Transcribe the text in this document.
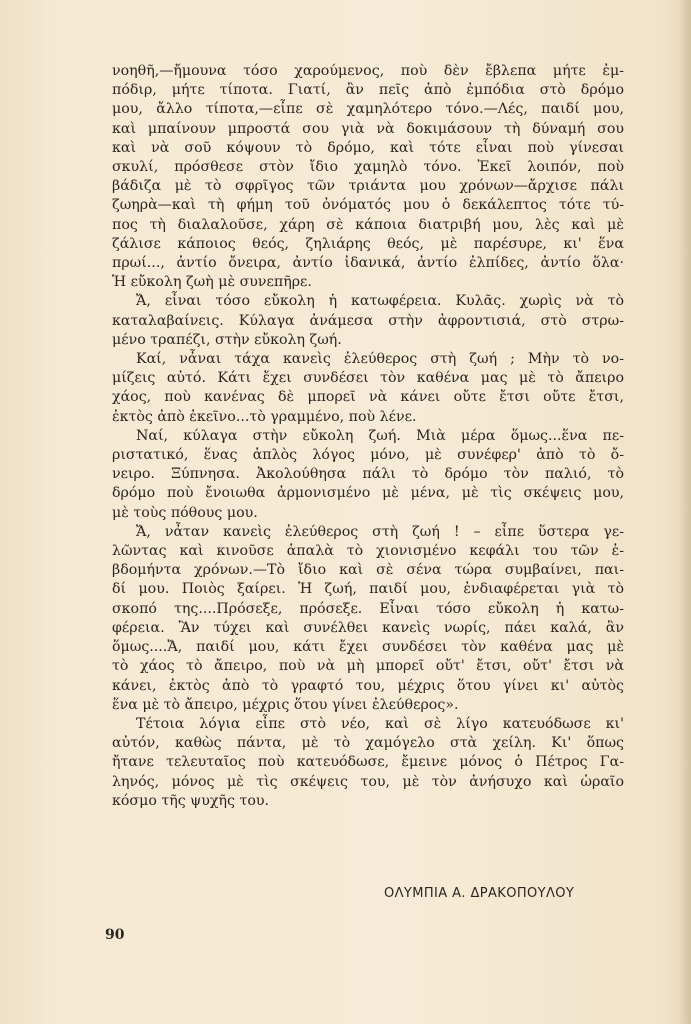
νοηθῆ,—ἤμουνα τόσο χαρούμενος, ποὺ δὲν ἔβλεπα μήτε ἐμ-
πόδιρ, μήτε τίποτα. Γιατί, ἂν πεῖς ἀπὸ ἐμπόδια στὸ δρόμο
μου, ἄλλο τίποτα,—εἶπε σὲ χαμηλότερο τόνο.—Λές, παιδί μου,
καὶ μπαίνουν μπροστά σου γιὰ νὰ δοκιμάσουν τὴ δύναμή σου
καὶ νὰ σοῦ κόψουν τὸ δρόμο, καὶ τότε εἶναι ποὺ γίνεσαι
σκυλί, πρόσθεσε στὸν ἴδιο χαμηλὸ τόνο. Ἐκεῖ λοιπόν, ποὺ
βάδιζα μὲ τὸ σφρῖγος τῶν τριάντα μου χρόνων—ἄρχισε πάλι
ζωηρὰ—καὶ τὴ φήμη τοῦ ὀνόματός μου ὁ δεκάλεπτος τότε τύ-
πος τὴ διαλαλοῦσε, χάρη σὲ κάποια διατριβή μου, λὲς καὶ μὲ
ζάλισε κάποιος θεός, ζηλιάρης θεός, μὲ παρέσυρε, κι' ἕνα
πρωί..., ἀντίο ὄνειρα, ἀντίο ἰδανικά, ἀντίο ἐλπίδες, ἀντίο ὅλα·
Ἡ εὔκολη ζωὴ μὲ συνεπῆρε.

Ἄ, εἶναι τόσο εὔκολη ἡ κατωφέρεια. Κυλᾶς. χωρὶς νὰ τὸ
καταλαβαίνεις. Κύλαγα ἀνάμεσα στὴν ἀφροντισιά, στὸ στρω-
μένο τραπέζι, στὴν εὔκολη ζωή.

Καί, νἆναι τάχα κανεὶς ἐλεύθερος στὴ ζωή ; Μὴν τὸ νο-
μίζεις αὐτό. Κάτι ἔχει συνδέσει τὸν καθένα μας μὲ τὸ ἄπειρο
χάος, ποὺ κανένας δὲ μπορεῖ νὰ κάνει οὔτε ἔτσι οὔτε ἔτσι,
ἐκτὸς ἀπὸ ἐκεῖνο...τὸ γραμμένο, ποὺ λένε.

Ναί, κύλαγα στὴν εὔκολη ζωή. Μιὰ μέρα ὅμως...ἕνα πε-
ριστατικό, ἕνας ἁπλὸς λόγος μόνο, μὲ συνέφερ' ἀπὸ τὸ ὄ-
νειρο. Ξύπνησα. Ἀκολούθησα πάλι τὸ δρόμο τὸν παλιό, τὸ
δρόμο ποὺ ἔνοιωθα ἁρμονισμένο μὲ μένα, μὲ τὶς σκέψεις μου,
μὲ τοὺς πόθους μου.

Ἄ, νἆταν κανεὶς ἐλεύθερος στὴ ζωή ! – εἶπε ὕστερα γε-
λῶντας καὶ κινοῦσε ἁπαλὰ τὸ χιονισμένο κεφάλι του τῶν ἑ-
βδομήντα χρόνων.—Τὸ ἴδιο καὶ σὲ σένα τώρα συμβαίνει, παι-
δί μου. Ποιὸς ξαίρει. Ἡ ζωή, παιδί μου, ἐνδιαφέρεται γιὰ τὸ
σκοπό της....Πρόσεξε, πρόσεξε. Εἶναι τόσο εὔκολη ἡ κατω-
φέρεια. Ἂν τύχει καὶ συνέλθει κανεὶς νωρίς, πάει καλά, ἂν
ὅμως....Ἄ, παιδί μου, κάτι ἔχει συνδέσει τὸν καθένα μας μὲ
τὸ χάος τὸ ἄπειρο, ποὺ νὰ μὴ μπορεῖ οὔτ' ἔτσι, οὔτ' ἔτσι νὰ
κάνει, ἐκτὸς ἀπὸ τὸ γραφτό του, μέχρις ὅτου γίνει κι' αὐτὸς
ἕνα μὲ τὸ ἄπειρο, μέχρις ὅτου γίνει ἐλεύθερος».

Τέτοια λόγια εἶπε στὸ νέο, καὶ σὲ λίγο κατευόδωσε κι'
αὐτόν, καθὼς πάντα, μὲ τὸ χαμόγελο στὰ χείλη. Κι' ὅπως
ἤτανε τελευταῖος ποὺ κατευόδωσε, ἔμεινε μόνος ὁ Πέτρος Γα-
ληνός, μόνος μὲ τὶς σκέψεις του, μὲ τὸν ἀνήσυχο καὶ ὡραῖο
κόσμο τῆς ψυχῆς του.

ΟΛΥΜΠΙΑ Α. ΔΡΑΚΟΠΟΥΛΟΥ
90
